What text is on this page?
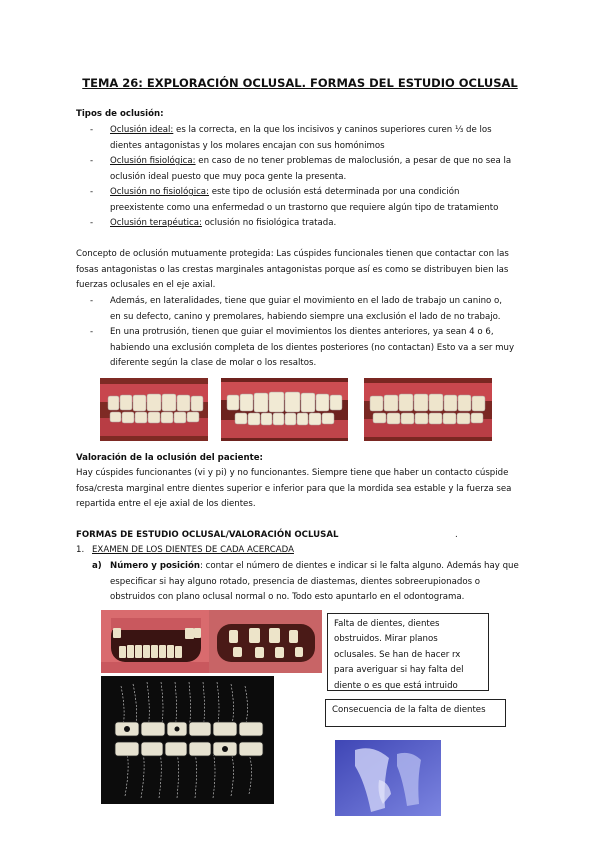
TEMA 26: EXPLORACIÓN OCLUSAL. FORMAS DEL ESTUDIO OCLUSAL
Tipos de oclusión:
- Oclusión ideal: es la correcta, en la que los incisivos y caninos superiores curen ⅓ de los
dientes antagonistas y los molares encajan con sus homónimos
- Oclusión fisiológica: en caso de no tener problemas de maloclusión, a pesar de que no sea la
oclusión ideal puesto que muy poca gente la presenta.
- Oclusión no fisiológica: este tipo de oclusión está determinada por una condición
preexistente como una enfermedad o un trastorno que requiere algún tipo de tratamiento
- Oclusión terapéutica: oclusión no fisiológica tratada.
Concepto de oclusión mutuamente protegida: Las cúspides funcionales tienen que contactar con las
fosas antagonistas o las crestas marginales antagonistas porque así es como se distribuyen bien las
fuerzas oclusales en el eje axial.
- Además, en lateralidades, tiene que guiar el movimiento en el lado de trabajo un canino o,
en su defecto, canino y premolares, habiendo siempre una exclusión el lado de no trabajo.
- En una protrusión, tienen que guiar el movimientos los dientes anteriores, ya sean 4 o 6,
habiendo una exclusión completa de los dientes posteriores (no contactan) Esto va a ser muy
diferente según la clase de molar o los resaltos.
Valoración de la oclusión del paciente:
Hay cúspides funcionantes (vi y pi) y no funcionantes. Siempre tiene que haber un contacto cúspide
fosa/cresta marginal entre dientes superior e inferior para que la mordida sea estable y la fuerza sea
repartida entre el eje axial de los dientes.
FORMAS DE ESTUDIO OCLUSAL/VALORACIÓN OCLUSAL	.
1. EXAMEN DE LOS DIENTES DE CADA ACERCADA
a) Número y posición: contar el número de dientes e indicar si le falta alguno. Además hay que
especificar si hay alguno rotado, presencia de diastemas, dientes sobreerupionados o
obstruidos con plano oclusal normal o no. Todo esto apuntarlo en el odontograma.
Falta de dientes, dientes
obstruidos. Mirar planos
oclusales. Se han de hacer rx
para averiguar si hay falta del
diente o es que está intruido
Consecuencia de la falta de dientes
